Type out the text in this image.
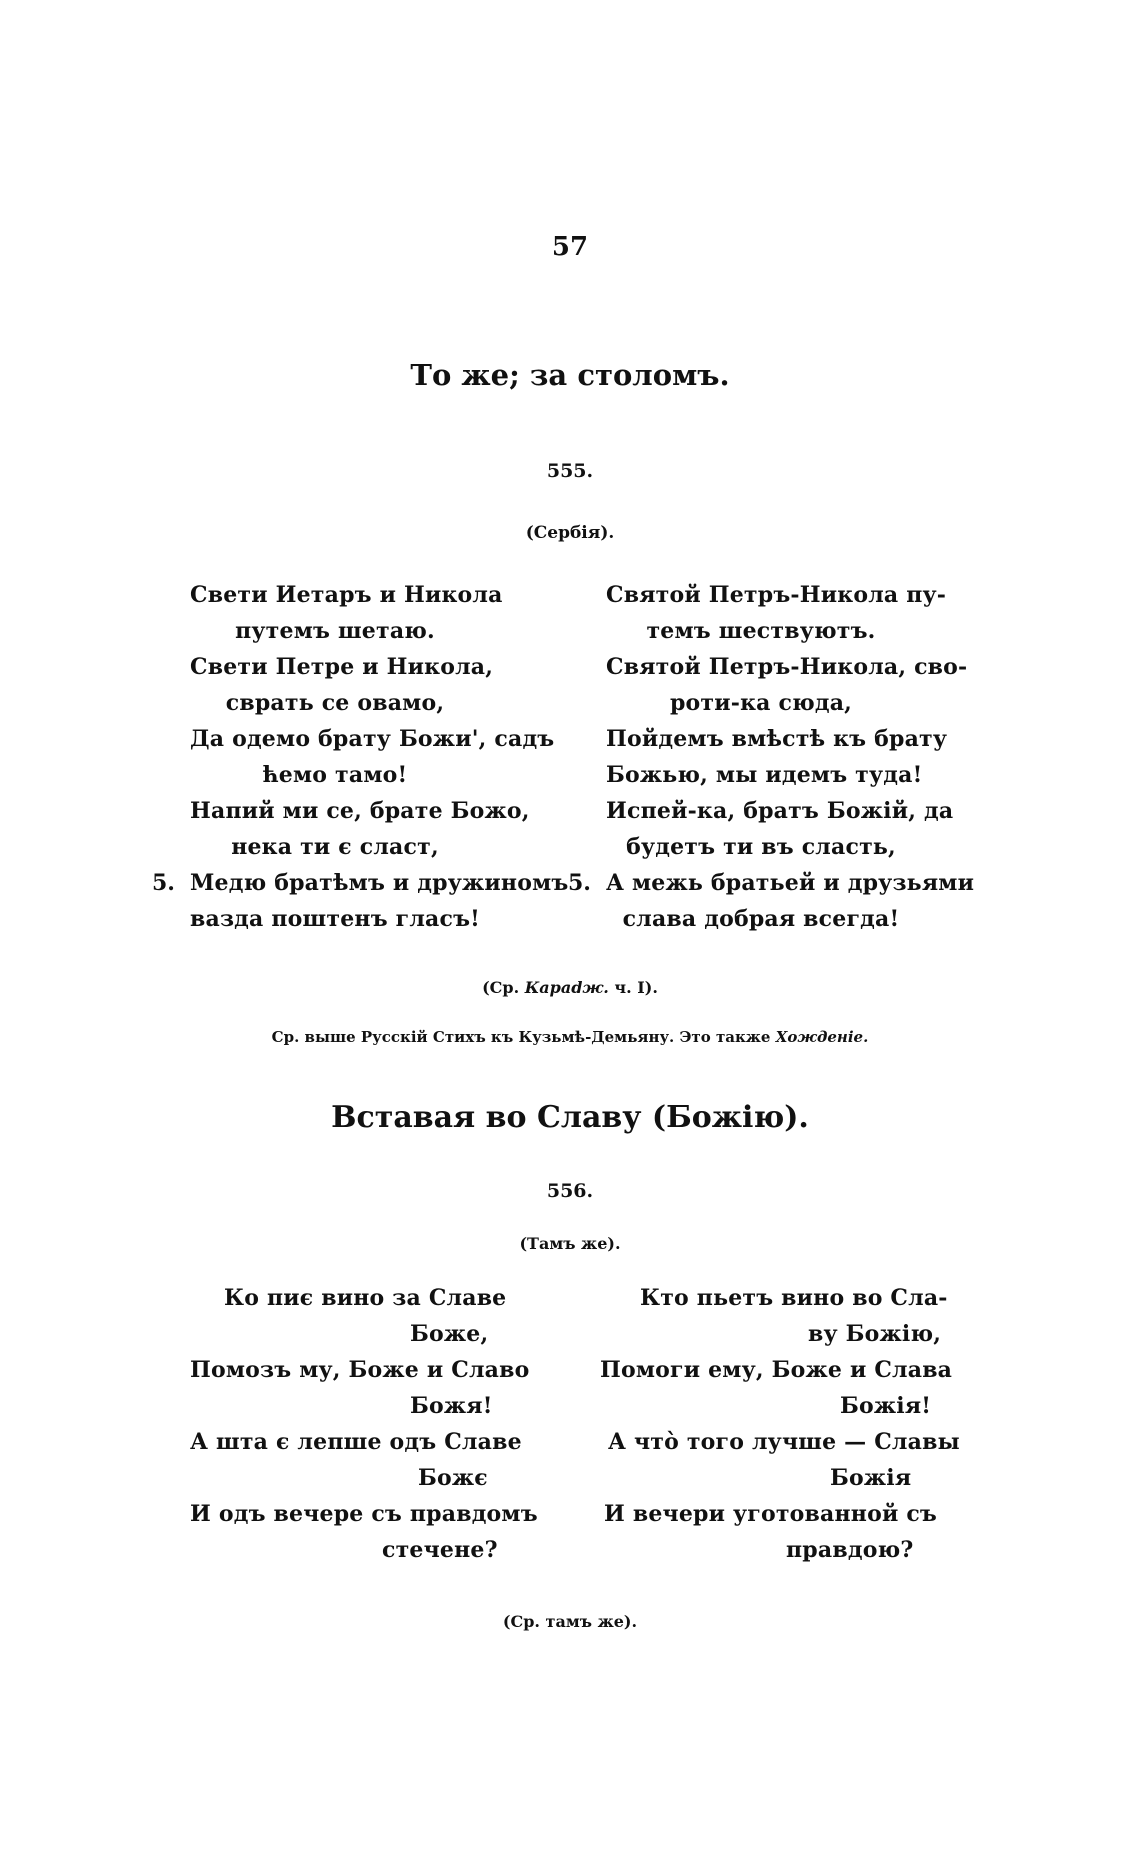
57
То же; за столомъ.
555.
(Сербія).
Свети Иетаръ и Никола
путемъ шетаю.
Свети Петре и Никола,
сврать се овамо,
Да одемо брату Божи', садъ
ћемо тамо!
Напий ми се, брате Божо,
нека ти є сласт,
Медю братѣмъ и дружиномъ
вазда поштенъ гласъ!
5.
Святой Петръ-Никола пу-
темъ шествуютъ.
Святой Петръ-Никола, сво-
роти-ка сюда,
Пойдемъ вмѣстѣ къ брату
Божью, мы идемъ туда!
Испей-ка, братъ Божій, да
будетъ ти въ сласть,
А межь братьей и друзьями
слава добрая всегда!
5.
(Ср. Караdж. ч. I).
Ср. выше Русскій Стихъ къ Кузьмѣ-Демьяну. Это также Хожденіе.
Вставая во Славу (Божію).
556.
(Тамъ же).
Ко пиє вино за Славе
Боже,
Помозъ му, Боже и Славо
Божя!
А шта є лепше одъ Славе
Божє
И одъ вечере съ правдомъ
стечене?
Кто пьетъ вино во Сла-
ву Божію,
Помоги ему, Боже и Слава
Божія!
А что̀ того лучше — Славы
Божія
И вечери уготованной съ
правдою?
(Ср. тамъ же).
